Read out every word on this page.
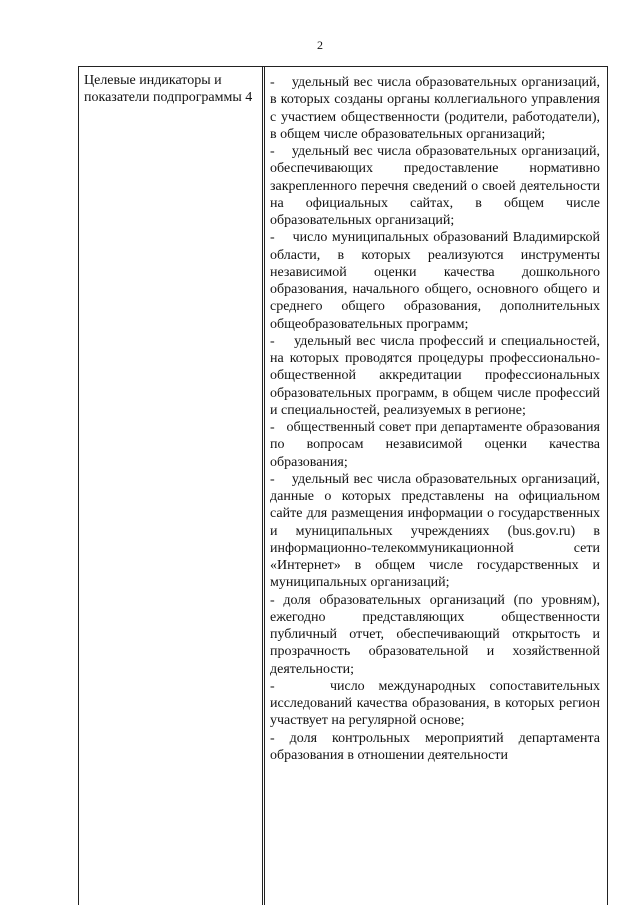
2
Целевые индикаторы и показатели подпрограммы 4

-    удельный вес числа образовательных организаций, в которых созданы органы коллегиального управления с участием общественности (родители, работодатели), в общем числе образовательных организаций;

-    удельный вес числа образовательных организаций, обеспечивающих предоставление нормативно закрепленного перечня сведений о своей деятельности на официальных сайтах, в общем числе образовательных организаций;

-    число муниципальных образований Владимирской области, в которых реализуются инструменты независимой оценки качества дошкольного образования, начального общего, основного общего и среднего общего образования, дополнительных общеобразовательных программ;

-    удельный вес числа профессий и специальностей, на которых проводятся процедуры профессионально-общественной аккредитации профессиональных образовательных программ, в общем числе профессий и специальностей, реализуемых в регионе;

-   общественный совет при департаменте образования по вопросам независимой оценки качества образования;

-    удельный вес числа образовательных организаций, данные о которых представлены на официальном сайте для размещения информации о государственных и муниципальных учреждениях (bus.gov.ru) в информационно-телекоммуникационной сети «Интернет» в общем числе государственных и муниципальных организаций;

- доля образовательных организаций (по уровням), ежегодно представляющих общественности публичный отчет, обеспечивающий открытость и прозрачность образовательной и хозяйственной деятельности;

-    число международных сопоставительных исследований качества образования, в которых регион участвует на регулярной основе;

- доля контрольных мероприятий департамента образования в отношении деятельности
